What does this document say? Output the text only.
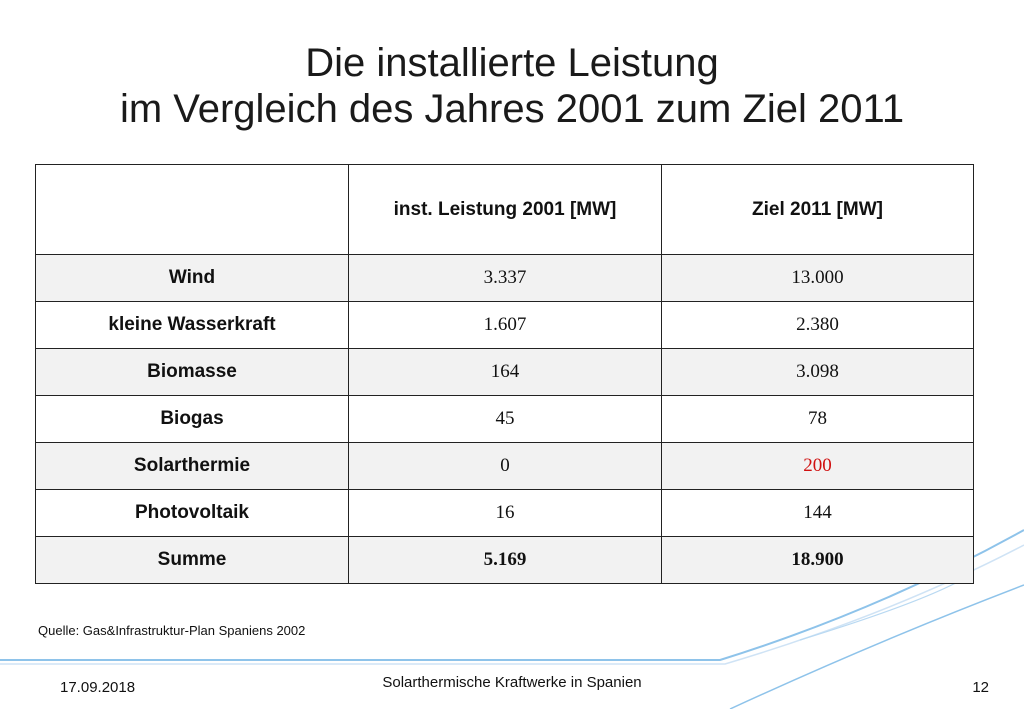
Die installierte Leistung
im Vergleich des Jahres 2001 zum Ziel 2011
	inst. Leistung 2001 [MW]	Ziel 2011 [MW]
Wind	3.337	13.000
kleine Wasserkraft	1.607	2.380
Biomasse	164	3.098
Biogas	45	78
Solarthermie	0	200
Photovoltaik	16	144
Summe	5.169	18.900
Quelle: Gas&Infrastruktur-Plan Spaniens 2002
17.09.2018	Solarthermische Kraftwerke in Spanien	12
